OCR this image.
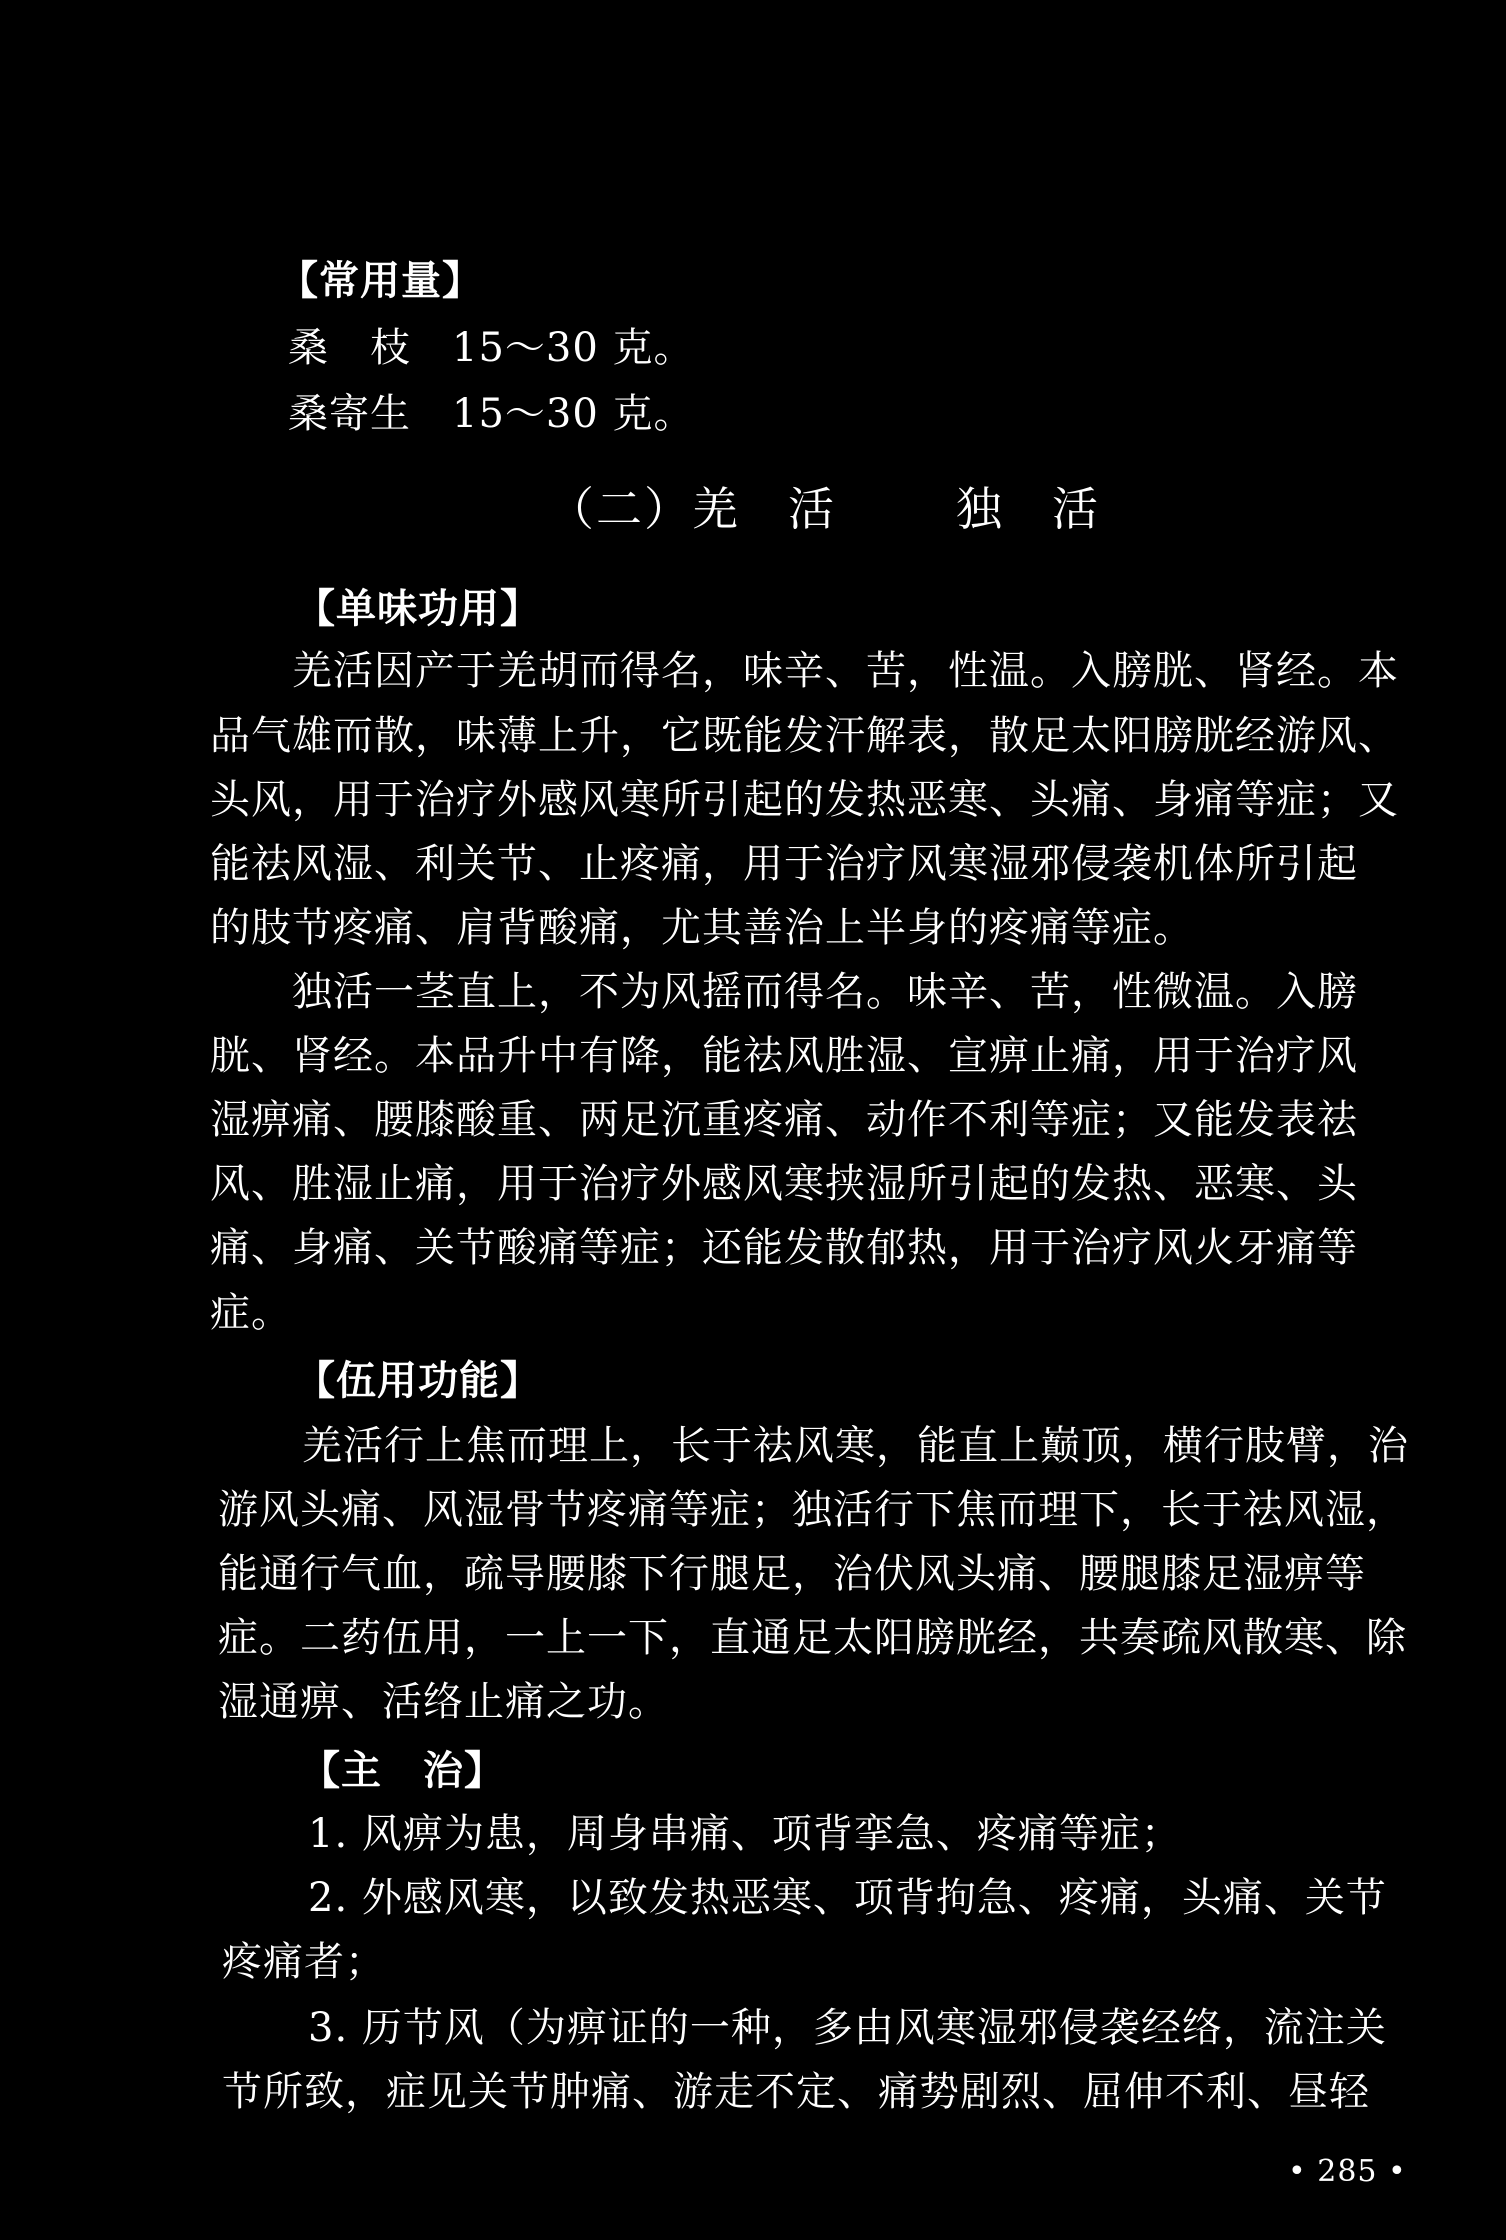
【常用量】
桑　枝　15～30 克。
桑寄生　15～30 克。
（二）羌　活	独　活
【单味功用】
羌活因产于羌胡而得名，味辛、苦，性温。入膀胱、肾经。本
品气雄而散，味薄上升，它既能发汗解表，散足太阳膀胱经游风、
头风，用于治疗外感风寒所引起的发热恶寒、头痛、身痛等症；又
能祛风湿、利关节、止疼痛，用于治疗风寒湿邪侵袭机体所引起
的肢节疼痛、肩背酸痛，尤其善治上半身的疼痛等症。
独活一茎直上，不为风摇而得名。味辛、苦，性微温。入膀
胱、肾经。本品升中有降，能祛风胜湿、宣痹止痛，用于治疗风
湿痹痛、腰膝酸重、两足沉重疼痛、动作不利等症；又能发表祛
风、胜湿止痛，用于治疗外感风寒挟湿所引起的发热、恶寒、头
痛、身痛、关节酸痛等症；还能发散郁热，用于治疗风火牙痛等
症。
【伍用功能】
羌活行上焦而理上，长于祛风寒，能直上巅顶，横行肢臂，治
游风头痛、风湿骨节疼痛等症；独活行下焦而理下，长于祛风湿，
能通行气血，疏导腰膝下行腿足，治伏风头痛、腰腿膝足湿痹等
症。二药伍用，一上一下，直通足太阳膀胱经，共奏疏风散寒、除
湿通痹、活络止痛之功。
【主　治】
1. 风痹为患，周身串痛、项背挛急、疼痛等症；
2. 外感风寒，以致发热恶寒、项背拘急、疼痛，头痛、关节
疼痛者；
3. 历节风（为痹证的一种，多由风寒湿邪侵袭经络，流注关
节所致，症见关节肿痛、游走不定、痛势剧烈、屈伸不利、昼轻
• 285 •
